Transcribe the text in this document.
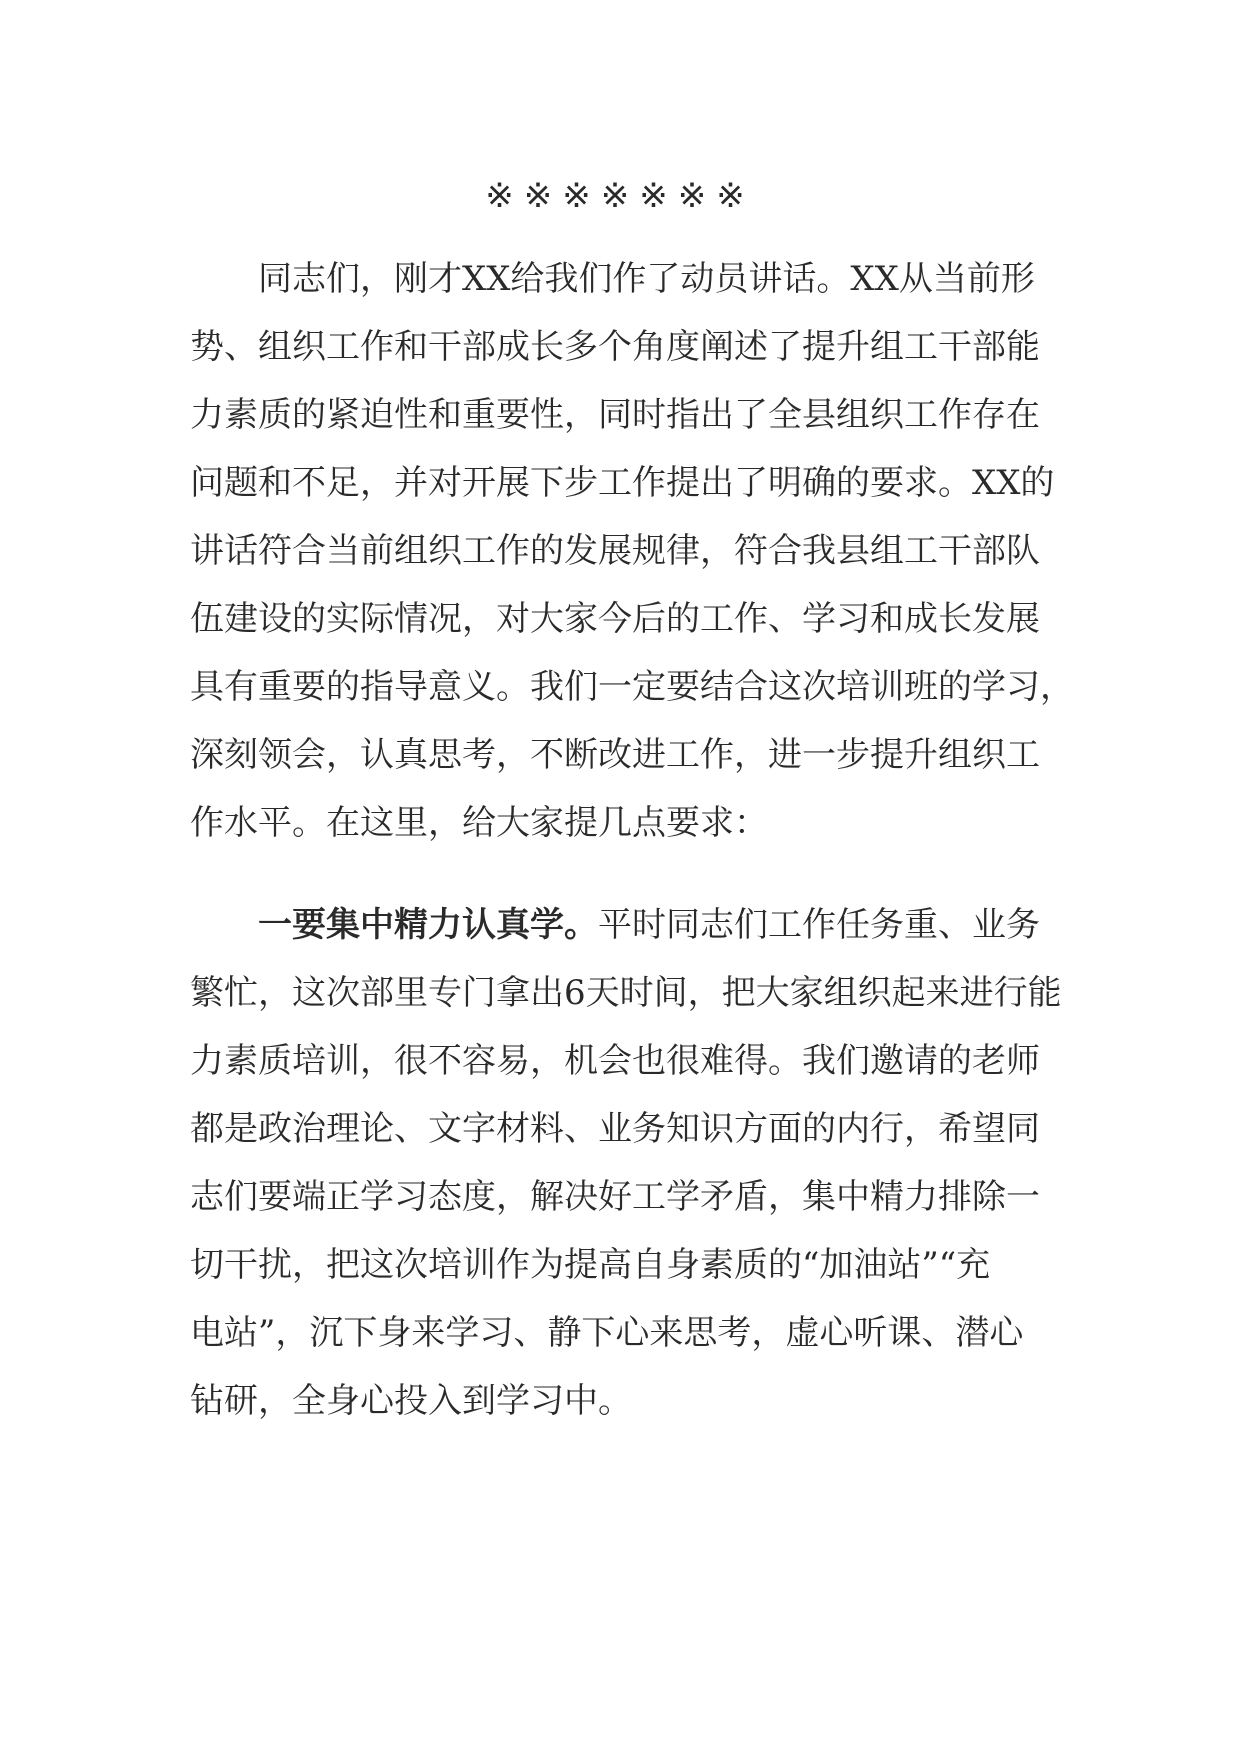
※※※※※※※
同志们，刚才XX给我们作了动员讲话。XX从当前形
势、组织工作和干部成长多个角度阐述了提升组工干部能
力素质的紧迫性和重要性，同时指出了全县组织工作存在
问题和不足，并对开展下步工作提出了明确的要求。XX的
讲话符合当前组织工作的发展规律，符合我县组工干部队
伍建设的实际情况，对大家今后的工作、学习和成长发展
具有重要的指导意义。我们一定要结合这次培训班的学习，
深刻领会，认真思考，不断改进工作，进一步提升组织工
作水平。在这里，给大家提几点要求：
一要集中精力认真学。平时同志们工作任务重、业务
繁忙，这次部里专门拿出6天时间，把大家组织起来进行能
力素质培训，很不容易，机会也很难得。我们邀请的老师
都是政治理论、文字材料、业务知识方面的内行，希望同
志们要端正学习态度，解决好工学矛盾，集中精力排除一
切干扰，把这次培训作为提高自身素质的“加油站”“充
电站”，沉下身来学习、静下心来思考，虚心听课、潜心
钻研，全身心投入到学习中。
